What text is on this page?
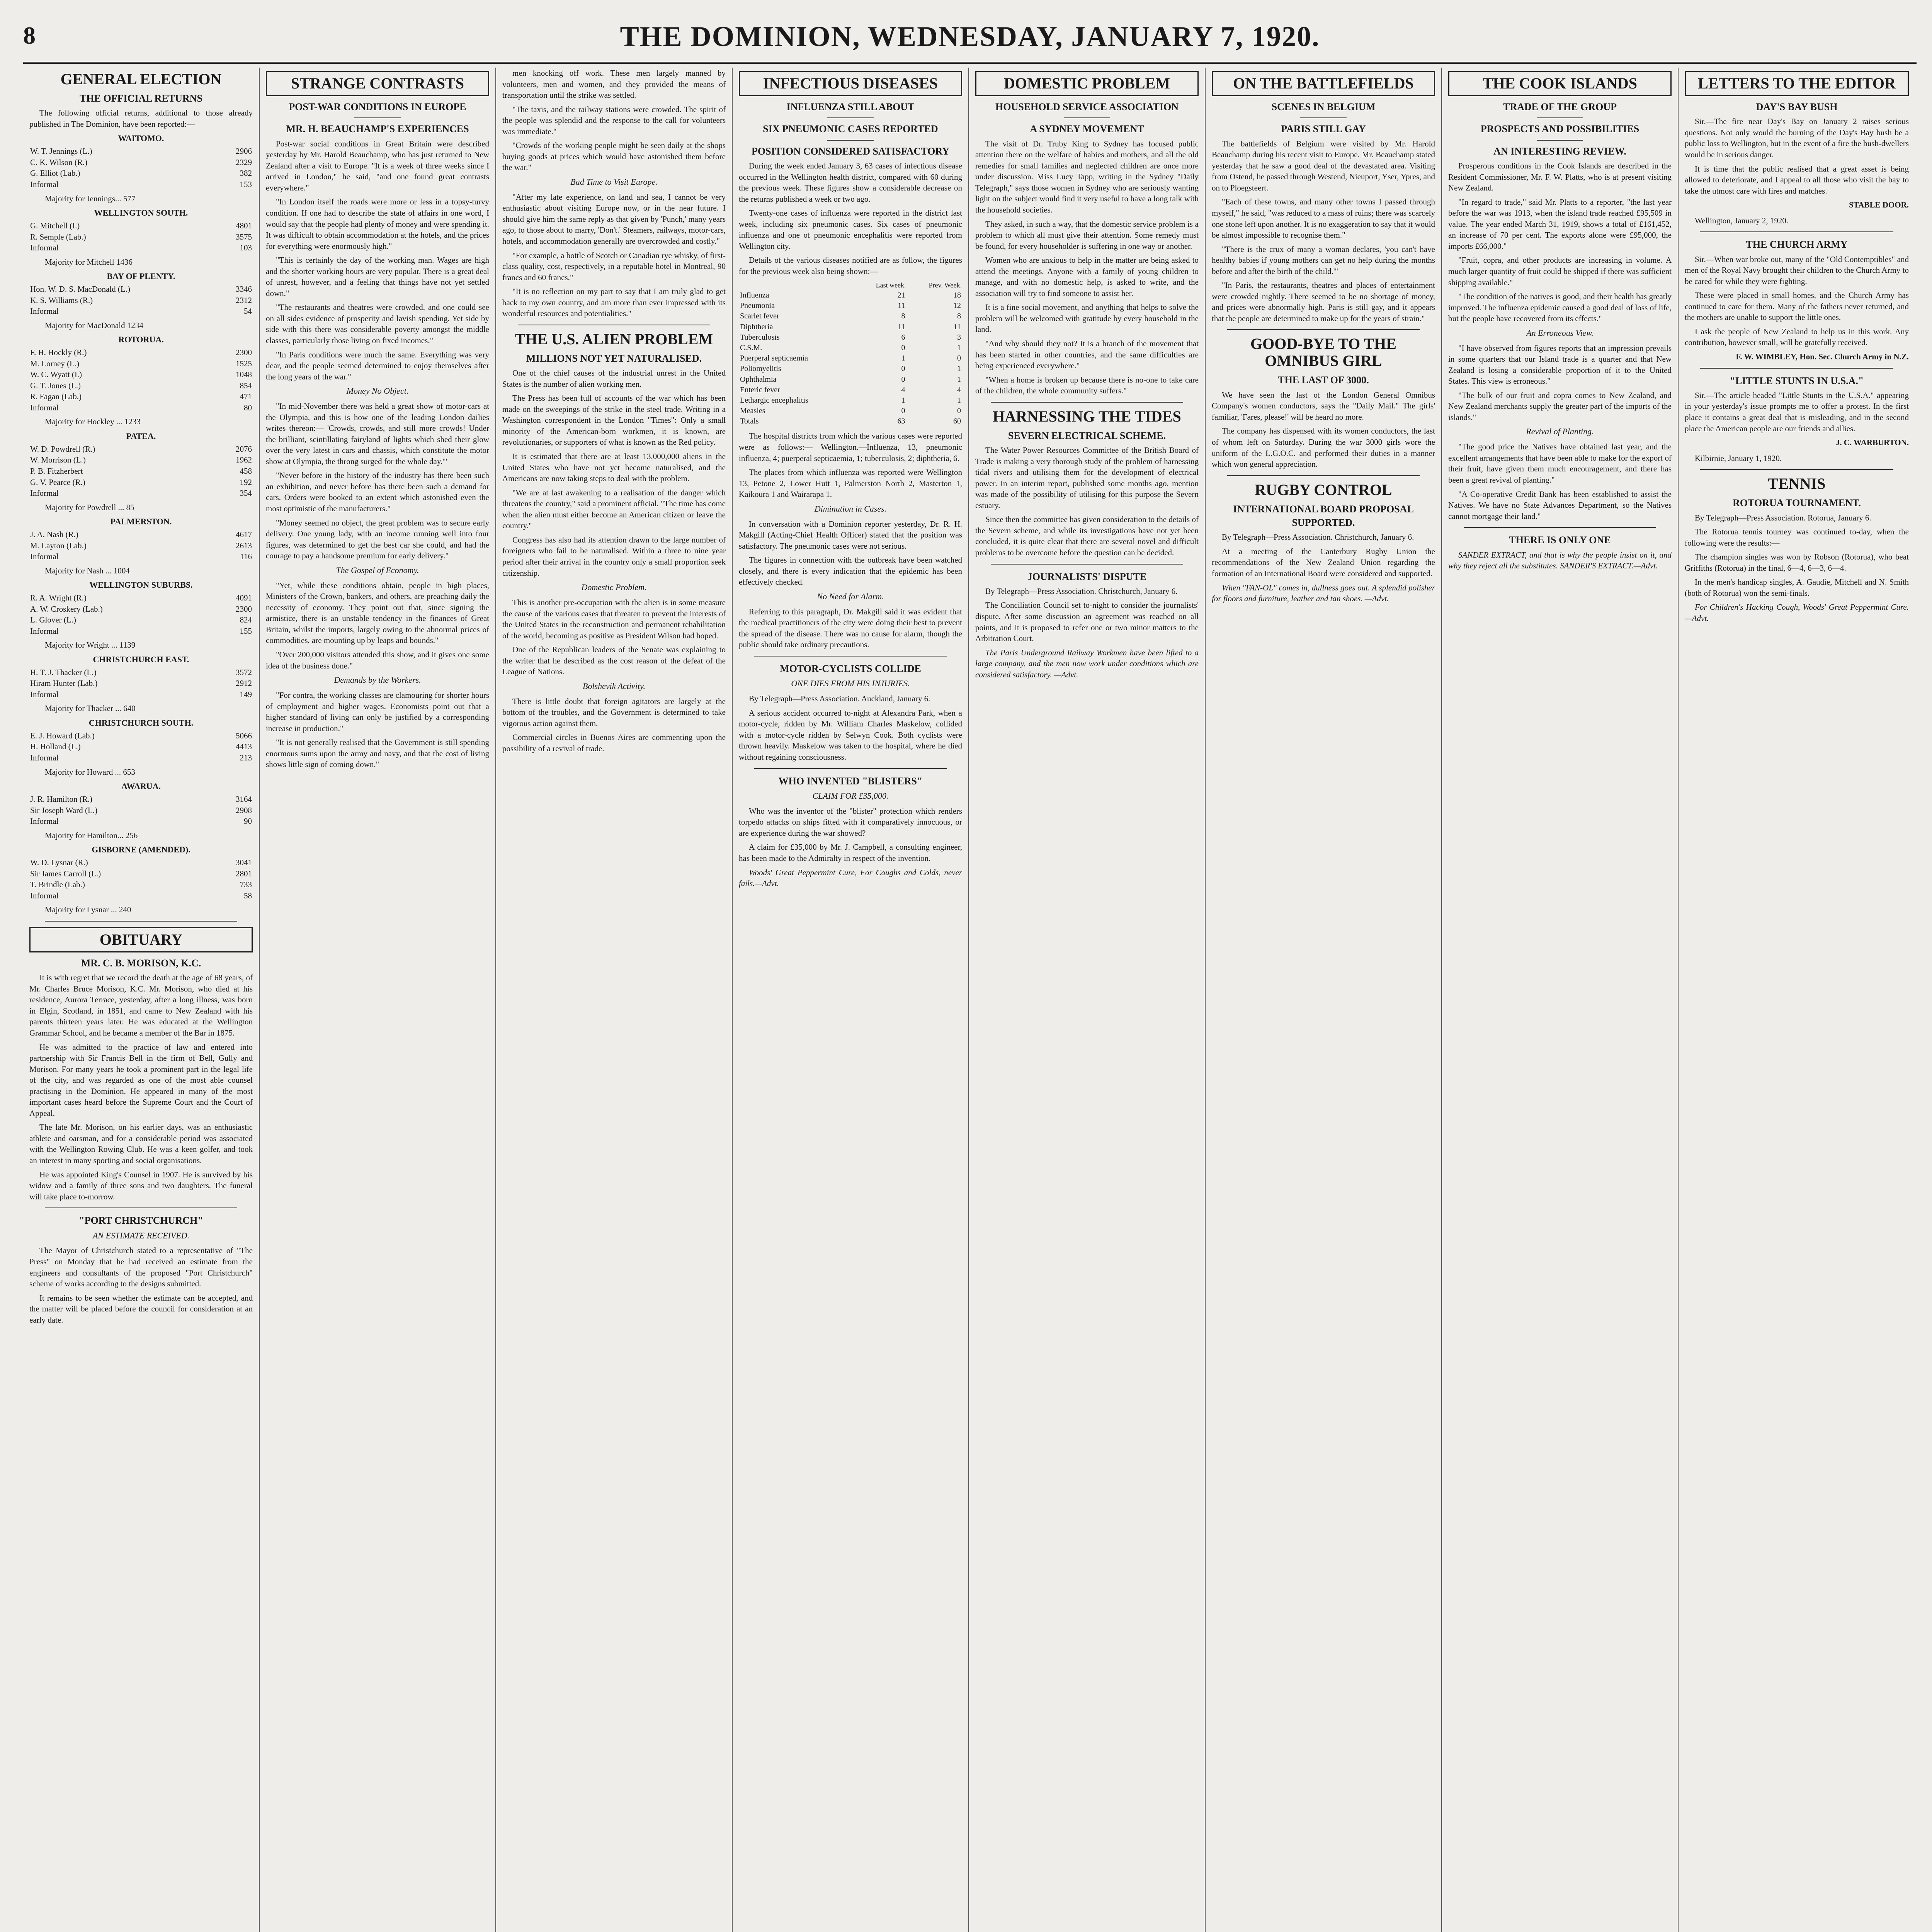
8	THE DOMINION, WEDNESDAY, JANUARY 7, 1920.
GENERAL ELECTION
THE OFFICIAL RETURNS

The following official returns, additional to those already published in The Dominion, have been reported:—

WAITOMO.
W. T. Jennings (L.)	2906
C. K. Wilson (R.)	2329
G. Elliot (Lab.)	382
Informal	153
Majority for Jennings... 577
WELLINGTON SOUTH.
G. Mitchell (I.)	4801
R. Semple (Lab.)	3575
Informal	103
Majority for Mitchell 1436
BAY OF PLENTY.
Hon. W. D. S. MacDonald (L.)	3346
K. S. Williams (R.)	2312
Informal	54
Majority for MacDonald 1234
ROTORUA.
F. H. Hockly (R.)	2300
M. Lorney (L.)	1525
W. C. Wyatt (I.)	1048
G. T. Jones (L.)	854
R. Fagan (Lab.)	471
Informal	80
Majority for Hockley ... 1233
PATEA.
W. D. Powdrell (R.)	2076
W. Morrison (L.)	1962
P. B. Fitzherbert	458
G. V. Pearce (R.)	192
Informal	354
Majority for Powdrell ... 85
PALMERSTON.
J. A. Nash (R.)	4617
M. Layton (Lab.)	2613
Informal	116
Majority for Nash ... 1004
WELLINGTON SUBURBS.
R. A. Wright (R.)	4091
A. W. Croskery (Lab.)	2300
L. Glover (L.)	824
Informal	155
Majority for Wright ... 1139
CHRISTCHURCH EAST.
H. T. J. Thacker (L.)	3572
Hiram Hunter (Lab.)	2912
Informal	149
Majority for Thacker ... 640
CHRISTCHURCH SOUTH.
E. J. Howard (Lab.)	5066
H. Holland (L.)	4413
Informal	213
Majority for Howard ... 653
AWARUA.
J. R. Hamilton (R.)	3164
Sir Joseph Ward (L.)	2908
Informal	90
Majority for Hamilton... 256
GISBORNE (AMENDED).
W. D. Lysnar (R.)	3041
Sir James Carroll (L.)	2801
T. Brindle (Lab.)	733
Informal	58
Majority for Lysnar ... 240
OBITUARY
MR. C. B. MORISON, K.C.

It is with regret that we record the death at the age of 68 years, of Mr. Charles Bruce Morison, K.C. Mr. Morison, who died at his residence, Aurora Terrace, yesterday, after a long illness, was born in Elgin, Scotland, in 1851, and came to New Zealand with his parents thirteen years later. He was educated at the Wellington Grammar School, and he became a member of the Bar in 1875.

He was admitted to the practice of law and entered into partnership with Sir Francis Bell in the firm of Bell, Gully and Morison. For many years he took a prominent part in the legal life of the city, and was regarded as one of the most able counsel practising in the Dominion. He appeared in many of the most important cases heard before the Supreme Court and the Court of Appeal.

The late Mr. Morison, on his earlier days, was an enthusiastic athlete and oarsman, and for a considerable period was associated with the Wellington Rowing Club. He was a keen golfer, and took an interest in many sporting and social organisations.

He was appointed King's Counsel in 1907. He is survived by his widow and a family of three sons and two daughters. The funeral will take place to-morrow.

"PORT CHRISTCHURCH"
AN ESTIMATE RECEIVED.

The Mayor of Christchurch stated to a representative of "The Press" on Monday that he had received an estimate from the engineers and consultants of the proposed "Port Christchurch" scheme of works according to the designs submitted.

It remains to be seen whether the estimate can be accepted, and the matter will be placed before the council for consideration at an early date.

STRANGE CONTRASTS
POST-WAR CONDITIONS IN EUROPE
MR. H. BEAUCHAMP'S EXPERIENCES

Post-war social conditions in Great Britain were described yesterday by Mr. Harold Beauchamp, who has just returned to New Zealand after a visit to Europe. "It is a week of three weeks since I arrived in London," he said, "and one found great contrasts everywhere."

"In London itself the roads were more or less in a topsy-turvy condition. If one had to describe the state of affairs in one word, I would say that the people had plenty of money and were spending it. It was difficult to obtain accommodation at the hotels, and the prices for everything were enormously high."

"This is certainly the day of the working man. Wages are high and the shorter working hours are very popular. There is a great deal of unrest, however, and a feeling that things have not yet settled down."

"The restaurants and theatres were crowded, and one could see on all sides evidence of prosperity and lavish spending. Yet side by side with this there was considerable poverty amongst the middle classes, particularly those living on fixed incomes."

"In Paris conditions were much the same. Everything was very dear, and the people seemed determined to enjoy themselves after the long years of the war."

Money No Object.

"In mid-November there was held a great show of motor-cars at the Olympia, and this is how one of the leading London dailies writes thereon:— 'Crowds, crowds, and still more crowds! Under the brilliant, scintillating fairyland of lights which shed their glow over the very latest in cars and chassis, which constitute the motor show at Olympia, the throng surged for the whole day.'"

"Never before in the history of the industry has there been such an exhibition, and never before has there been such a demand for cars. Orders were booked to an extent which astonished even the most optimistic of the manufacturers."

"Money seemed no object, the great problem was to secure early delivery. One young lady, with an income running well into four figures, was determined to get the best car she could, and had the courage to pay a handsome premium for early delivery."

The Gospel of Economy.

"Yet, while these conditions obtain, people in high places, Ministers of the Crown, bankers, and others, are preaching daily the necessity of economy. They point out that, since signing the armistice, there is an unstable tendency in the finances of Great Britain, whilst the imports, largely owing to the abnormal prices of commodities, are mounting up by leaps and bounds."

"Over 200,000 visitors attended this show, and it gives one some idea of the business done."

Demands by the Workers.

"For contra, the working classes are clamouring for shorter hours of employment and higher wages. Economists point out that a higher standard of living can only be justified by a corresponding increase in production."

"It is not generally realised that the Government is still spending enormous sums upon the army and navy, and that the cost of living shows little sign of coming down."

men knocking off work. These men largely manned by volunteers, men and women, and they provided the means of transportation until the strike was settled.

"The taxis, and the railway stations were crowded. The spirit of the people was splendid and the response to the call for volunteers was immediate."

"Crowds of the working people might be seen daily at the shops buying goods at prices which would have astonished them before the war."

Bad Time to Visit Europe.

"After my late experience, on land and sea, I cannot be very enthusiastic about visiting Europe now, or in the near future. I should give him the same reply as that given by 'Punch,' many years ago, to those about to marry, 'Don't.' Steamers, railways, motor-cars, hotels, and accommodation generally are overcrowded and costly."

"For example, a bottle of Scotch or Canadian rye whisky, of first-class quality, cost, respectively, in a reputable hotel in Montreal, 90 francs and 60 francs."

"It is no reflection on my part to say that I am truly glad to get back to my own country, and am more than ever impressed with its wonderful resources and potentialities."

THE U.S. ALIEN PROBLEM
MILLIONS NOT YET NATURALISED.

One of the chief causes of the industrial unrest in the United States is the number of alien working men.

The Press has been full of accounts of the war which has been made on the sweepings of the strike in the steel trade. Writing in a Washington correspondent in the London "Times": Only a small minority of the American-born workmen, it is known, are revolutionaries, or supporters of what is known as the Red policy.

It is estimated that there are at least 13,000,000 aliens in the United States who have not yet become naturalised, and the Americans are now taking steps to deal with the problem.

"We are at last awakening to a realisation of the danger which threatens the country," said a prominent official. "The time has come when the alien must either become an American citizen or leave the country."

Congress has also had its attention drawn to the large number of foreigners who fail to be naturalised. Within a three to nine year period after their arrival in the country only a small proportion seek citizenship.

Domestic Problem.

This is another pre-occupation with the alien is in some measure the cause of the various cases that threaten to prevent the interests of the United States in the reconstruction and permanent rehabilitation of the world, becoming as positive as President Wilson had hoped.

One of the Republican leaders of the Senate was explaining to the writer that he described as the cost reason of the defeat of the League of Nations.

Bolshevik Activity.

There is little doubt that foreign agitators are largely at the bottom of the troubles, and the Government is determined to take vigorous action against them.

Commercial circles in Buenos Aires are commenting upon the possibility of a revival of trade.

INFECTIOUS DISEASES
INFLUENZA STILL ABOUT
SIX PNEUMONIC CASES REPORTED
POSITION CONSIDERED SATISFACTORY

During the week ended January 3, 63 cases of infectious disease occurred in the Wellington health district, compared with 60 during the previous week. These figures show a considerable decrease on the returns published a week or two ago.

Twenty-one cases of influenza were reported in the district last week, including six pneumonic cases. Six cases of pneumonic influenza and one of pneumonic encephalitis were reported from Wellington city.

Details of the various diseases notified are as follow, the figures for the previous week also being shown:—

	Last week.	Prev. Week.
Influenza	21	18
Pneumonia	11	12
Scarlet fever	8	8
Diphtheria	11	11
Tuberculosis	6	3
C.S.M.	0	1
Puerperal septicaemia	1	0
Poliomyelitis	0	1
Ophthalmia	0	1
Enteric fever	4	4
Lethargic encephalitis	1	1
Measles	0	0
Totals	63	60

The hospital districts from which the various cases were reported were as follows:— Wellington.—Influenza, 13, pneumonic influenza, 4; puerperal septicaemia, 1; tuberculosis, 2; diphtheria, 6.

The places from which influenza was reported were Wellington 13, Petone 2, Lower Hutt 1, Palmerston North 2, Masterton 1, Kaikoura 1 and Wairarapa 1.

Diminution in Cases.

In conversation with a Dominion reporter yesterday, Dr. R. H. Makgill (Acting-Chief Health Officer) stated that the position was satisfactory. The pneumonic cases were not serious.

The figures in connection with the outbreak have been watched closely, and there is every indication that the epidemic has been effectively checked.

No Need for Alarm.

Referring to this paragraph, Dr. Makgill said it was evident that the medical practitioners of the city were doing their best to prevent the spread of the disease. There was no cause for alarm, though the public should take ordinary precautions.

MOTOR-CYCLISTS COLLIDE
ONE DIES FROM HIS INJURIES.

By Telegraph—Press Association. Auckland, January 6.

A serious accident occurred to-night at Alexandra Park, when a motor-cycle, ridden by Mr. William Charles Maskelow, collided with a motor-cycle ridden by Selwyn Cook. Both cyclists were thrown heavily. Maskelow was taken to the hospital, where he died without regaining consciousness.

WHO INVENTED "BLISTERS"
CLAIM FOR £35,000.

Who was the inventor of the "blister" protection which renders torpedo attacks on ships fitted with it comparatively innocuous, or are experience during the war showed?

A claim for £35,000 by Mr. J. Campbell, a consulting engineer, has been made to the Admiralty in respect of the invention.

Woods' Great Peppermint Cure, For Coughs and Colds, never fails.—Advt.

DOMESTIC PROBLEM
HOUSEHOLD SERVICE ASSOCIATION
A SYDNEY MOVEMENT

The visit of Dr. Truby King to Sydney has focused public attention there on the welfare of babies and mothers, and all the old remedies for small families and neglected children are once more under discussion. Miss Lucy Tapp, writing in the Sydney "Daily Telegraph," says those women in Sydney who are seriously wanting light on the subject would find it very useful to have a long talk with the household societies.

They asked, in such a way, that the domestic service problem is a problem to which all must give their attention. Some remedy must be found, for every householder is suffering in one way or another.

Women who are anxious to help in the matter are being asked to attend the meetings. Anyone with a family of young children to manage, and with no domestic help, is asked to write, and the association will try to find someone to assist her.

It is a fine social movement, and anything that helps to solve the problem will be welcomed with gratitude by every household in the land.

"And why should they not? It is a branch of the movement that has been started in other countries, and the same difficulties are being experienced everywhere."

"When a home is broken up because there is no-one to take care of the children, the whole community suffers."

HARNESSING THE TIDES
SEVERN ELECTRICAL SCHEME.

The Water Power Resources Committee of the British Board of Trade is making a very thorough study of the problem of harnessing tidal rivers and utilising them for the development of electrical power. In an interim report, published some months ago, mention was made of the possibility of utilising for this purpose the Severn estuary.

Since then the committee has given consideration to the details of the Severn scheme, and while its investigations have not yet been concluded, it is quite clear that there are several novel and difficult problems to be overcome before the question can be decided.

JOURNALISTS' DISPUTE

By Telegraph—Press Association. Christchurch, January 6.

The Conciliation Council set to-night to consider the journalists' dispute. After some discussion an agreement was reached on all points, and it is proposed to refer one or two minor matters to the Arbitration Court.

The Paris Underground Railway Workmen have been lifted to a large company, and the men now work under conditions which are considered satisfactory. —Advt.

ON THE BATTLEFIELDS
SCENES IN BELGIUM
PARIS STILL GAY

The battlefields of Belgium were visited by Mr. Harold Beauchamp during his recent visit to Europe. Mr. Beauchamp stated yesterday that he saw a good deal of the devastated area. Visiting from Ostend, he passed through Westend, Nieuport, Yser, Ypres, and on to Ploegsteert.

"Each of these towns, and many other towns I passed through myself," he said, "was reduced to a mass of ruins; there was scarcely one stone left upon another. It is no exaggeration to say that it would be almost impossible to recognise them."

"There is the crux of many a woman declares, 'you can't have healthy babies if young mothers can get no help during the months before and after the birth of the child.'"

"In Paris, the restaurants, theatres and places of entertainment were crowded nightly. There seemed to be no shortage of money, and prices were abnormally high. Paris is still gay, and it appears that the people are determined to make up for the years of strain."

GOOD-BYE TO THE OMNIBUS GIRL
THE LAST OF 3000.

We have seen the last of the London General Omnibus Company's women conductors, says the "Daily Mail." The girls' familiar, 'Fares, please!' will be heard no more.

The company has dispensed with its women conductors, the last of whom left on Saturday. During the war 3000 girls wore the uniform of the L.G.O.C. and performed their duties in a manner which won general appreciation.

RUGBY CONTROL
INTERNATIONAL BOARD PROPOSAL SUPPORTED.

By Telegraph—Press Association. Christchurch, January 6.

At a meeting of the Canterbury Rugby Union the recommendations of the New Zealand Union regarding the formation of an International Board were considered and supported.

When "FAN-OL" comes in, dullness goes out. A splendid polisher for floors and furniture, leather and tan shoes. —Advt.

THE COOK ISLANDS
TRADE OF THE GROUP
PROSPECTS AND POSSIBILITIES
AN INTERESTING REVIEW.

Prosperous conditions in the Cook Islands are described in the Resident Commissioner, Mr. F. W. Platts, who is at present visiting New Zealand.

"In regard to trade," said Mr. Platts to a reporter, "the last year before the war was 1913, when the island trade reached £95,509 in value. The year ended March 31, 1919, shows a total of £161,452, an increase of 70 per cent. The exports alone were £95,000, the imports £66,000."

"Fruit, copra, and other products are increasing in volume. A much larger quantity of fruit could be shipped if there was sufficient shipping available."

"The condition of the natives is good, and their health has greatly improved. The influenza epidemic caused a good deal of loss of life, but the people have recovered from its effects."

An Erroneous View.

"I have observed from figures reports that an impression prevails in some quarters that our Island trade is a quarter and that New Zealand is losing a considerable proportion of it to the United States. This view is erroneous."

"The bulk of our fruit and copra comes to New Zealand, and New Zealand merchants supply the greater part of the imports of the islands."

Revival of Planting.

"The good price the Natives have obtained last year, and the excellent arrangements that have been able to make for the export of their fruit, have given them much encouragement, and there has been a great revival of planting."

"A Co-operative Credit Bank has been established to assist the Natives. We have no State Advances Department, so the Natives cannot mortgage their land."

THERE IS ONLY ONE

SANDER EXTRACT, and that is why the people insist on it, and why they reject all the substitutes. SANDER'S EXTRACT.—Advt.

LETTERS TO THE EDITOR
DAY'S BAY BUSH

Sir,—The fire near Day's Bay on January 2 raises serious questions. Not only would the burning of the Day's Bay bush be a public loss to Wellington, but in the event of a fire the bush-dwellers would be in serious danger.

It is time that the public realised that a great asset is being allowed to deteriorate, and I appeal to all those who visit the bay to take the utmost care with fires and matches.

STABLE DOOR.

Wellington, January 2, 1920.

THE CHURCH ARMY

Sir,—When war broke out, many of the "Old Contemptibles" and men of the Royal Navy brought their children to the Church Army to be cared for while they were fighting.

These were placed in small homes, and the Church Army has continued to care for them. Many of the fathers never returned, and the mothers are unable to support the little ones.

I ask the people of New Zealand to help us in this work. Any contribution, however small, will be gratefully received.

F. W. WIMBLEY, Hon. Sec. Church Army in N.Z.
"LITTLE STUNTS IN U.S.A."

Sir,—The article headed "Little Stunts in the U.S.A." appearing in your yesterday's issue prompts me to offer a protest. In the first place it contains a great deal that is misleading, and in the second place the American people are our friends and allies.

J. C. WARBURTON.

Kilbirnie, January 1, 1920.

TENNIS
ROTORUA TOURNAMENT.

By Telegraph—Press Association. Rotorua, January 6.

The Rotorua tennis tourney was continued to-day, when the following were the results:—

The champion singles was won by Robson (Rotorua), who beat Griffiths (Rotorua) in the final, 6—4, 6—3, 6—4.

In the men's handicap singles, A. Gaudie, Mitchell and N. Smith (both of Rotorua) won the semi-finals.

For Children's Hacking Cough, Woods' Great Peppermint Cure.—Advt.
